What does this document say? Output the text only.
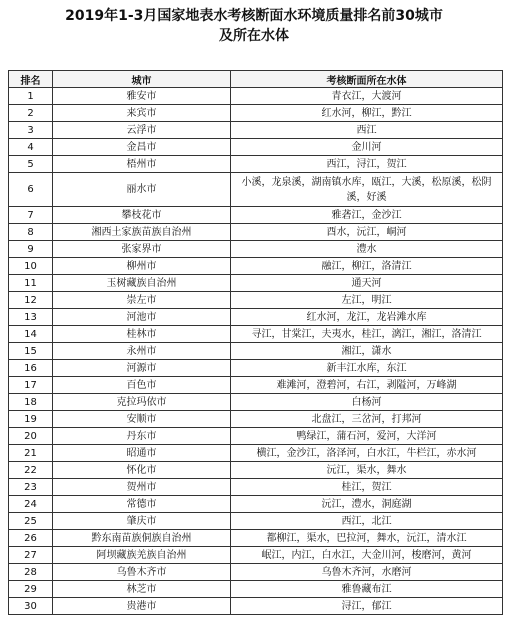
2019年1-3月国家地表水考核断面水环境质量排名前30城市
及所在水体
排名	城市	考核断面所在水体
1	雅安市	青衣江，大渡河
2	来宾市	红水河，柳江，黔江
3	云浮市	西江
4	金昌市	金川河
5	梧州市	西江，浔江，贺江
6	丽水市	小溪，龙泉溪，湖南镇水库，瓯江，大溪，松原溪，松阴溪，好溪
7	攀枝花市	雅砻江，金沙江
8	湘西土家族苗族自治州	酉水，沅江，峒河
9	张家界市	澧水
10	柳州市	融江，柳江，洛清江
11	玉树藏族自治州	通天河
12	崇左市	左江，明江
13	河池市	红水河，龙江，龙岩滩水库
14	桂林市	寻江，甘棠江，夫夷水，桂江，漓江，湘江，洛清江
15	永州市	湘江，潇水
16	河源市	新丰江水库，东江
17	百色市	难滩河，澄碧河，右江，剥隘河，万峰湖
18	克拉玛依市	白杨河
19	安顺市	北盘江，三岔河，打邦河
20	丹东市	鸭绿江，蒲石河，爱河，大洋河
21	昭通市	横江，金沙江，洛泽河，白水江，牛栏江，赤水河
22	怀化市	沅江，渠水，舞水
23	贺州市	桂江，贺江
24	常德市	沅江，澧水，洞庭湖
25	肇庆市	西江，北江
26	黔东南苗族侗族自治州	都柳江，渠水，巴拉河，舞水，沅江，清水江
27	阿坝藏族羌族自治州	岷江，内江，白水江，大金川河，梭磨河，黄河
28	乌鲁木齐市	乌鲁木齐河，水磨河
29	林芝市	雅鲁藏布江
30	贵港市	浔江，郁江
